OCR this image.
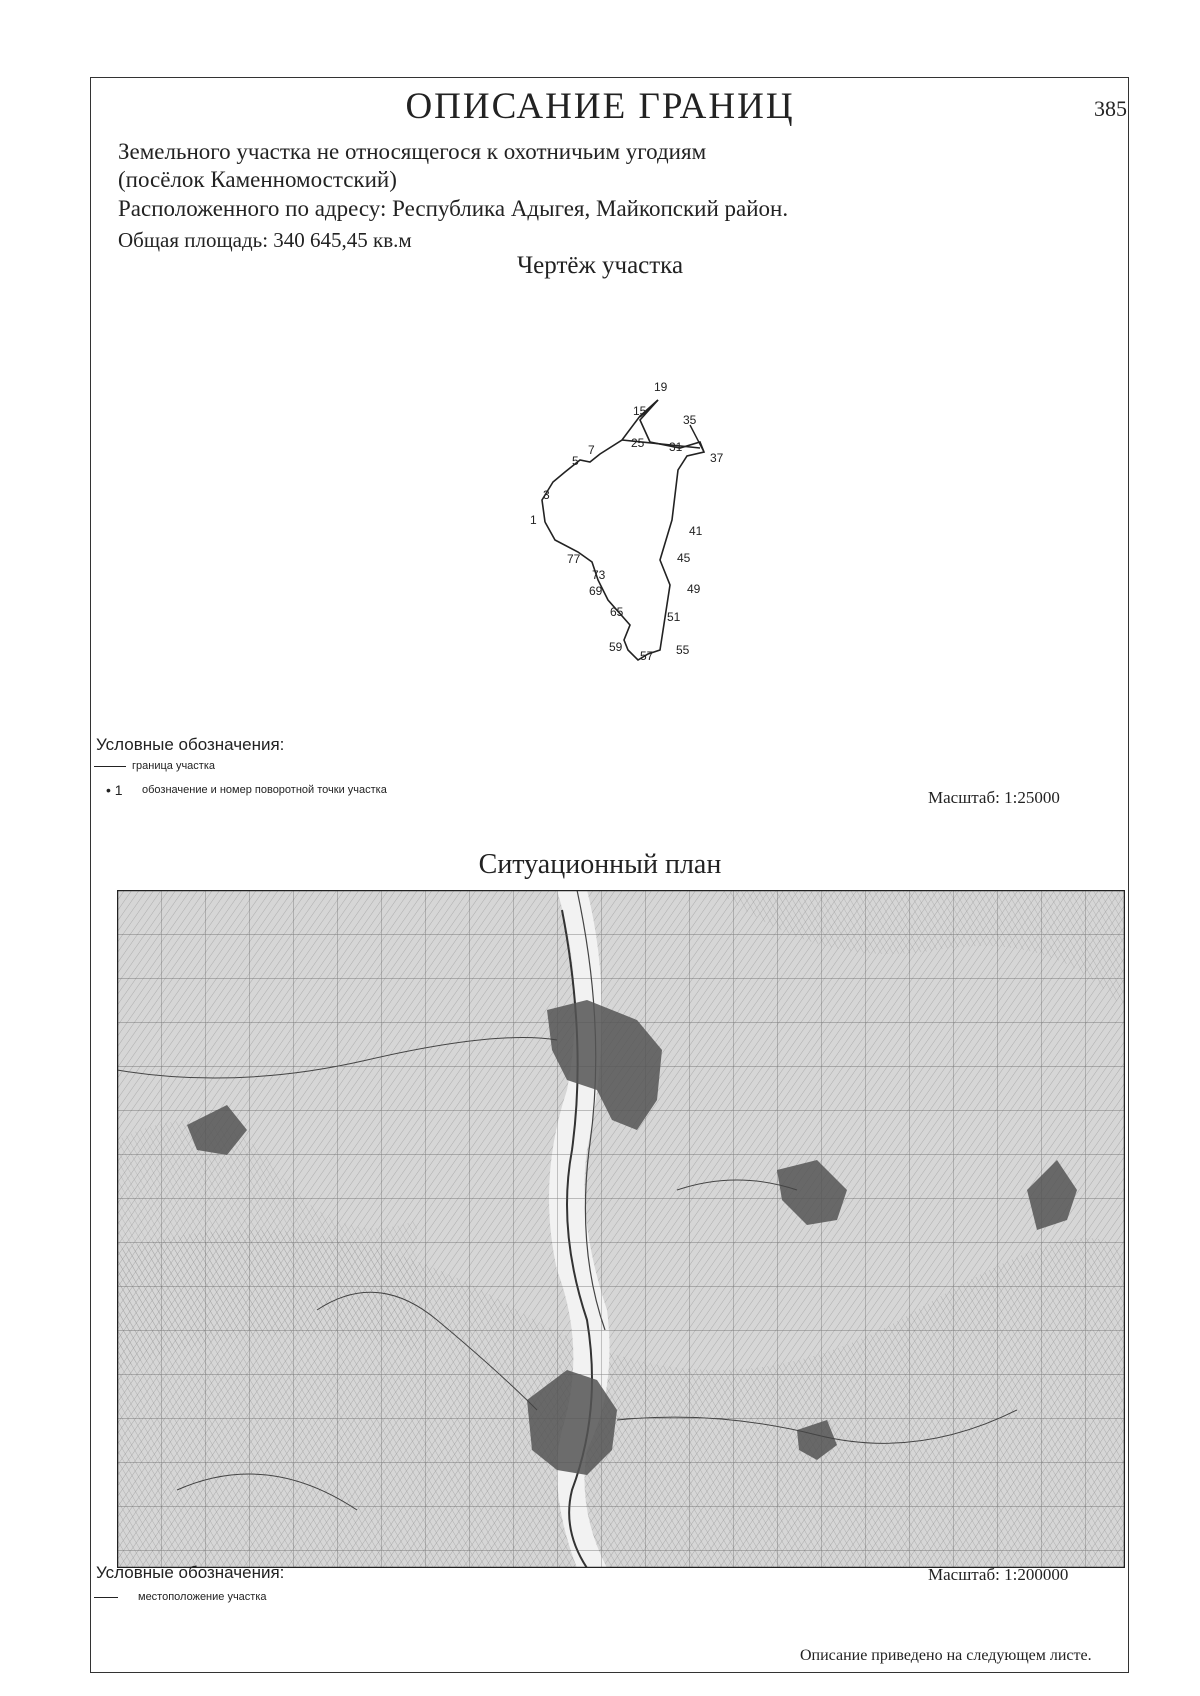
ОПИСАНИЕ ГРАНИЦ	385
Земельного участка не относящегося к охотничьим угодиям
(посёлок Каменномостский)
Расположенного по адресу: Республика Адыгея, Майкопский район.
Общая площадь: 340 645,45 кв.м
Чертёж участка
19
15
35
7	25 31
37
5
3
1
41
77	45
73
69	49
65	51
59
57 55
Условные обозначения:
граница участка
• 1	обозначение и номер поворотной точки участка	Масштаб: 1:25000
Ситуационный план
Условные обозначения:
местоположение участка
Масштаб: 1:200000
Описание приведено на следующем листе.
